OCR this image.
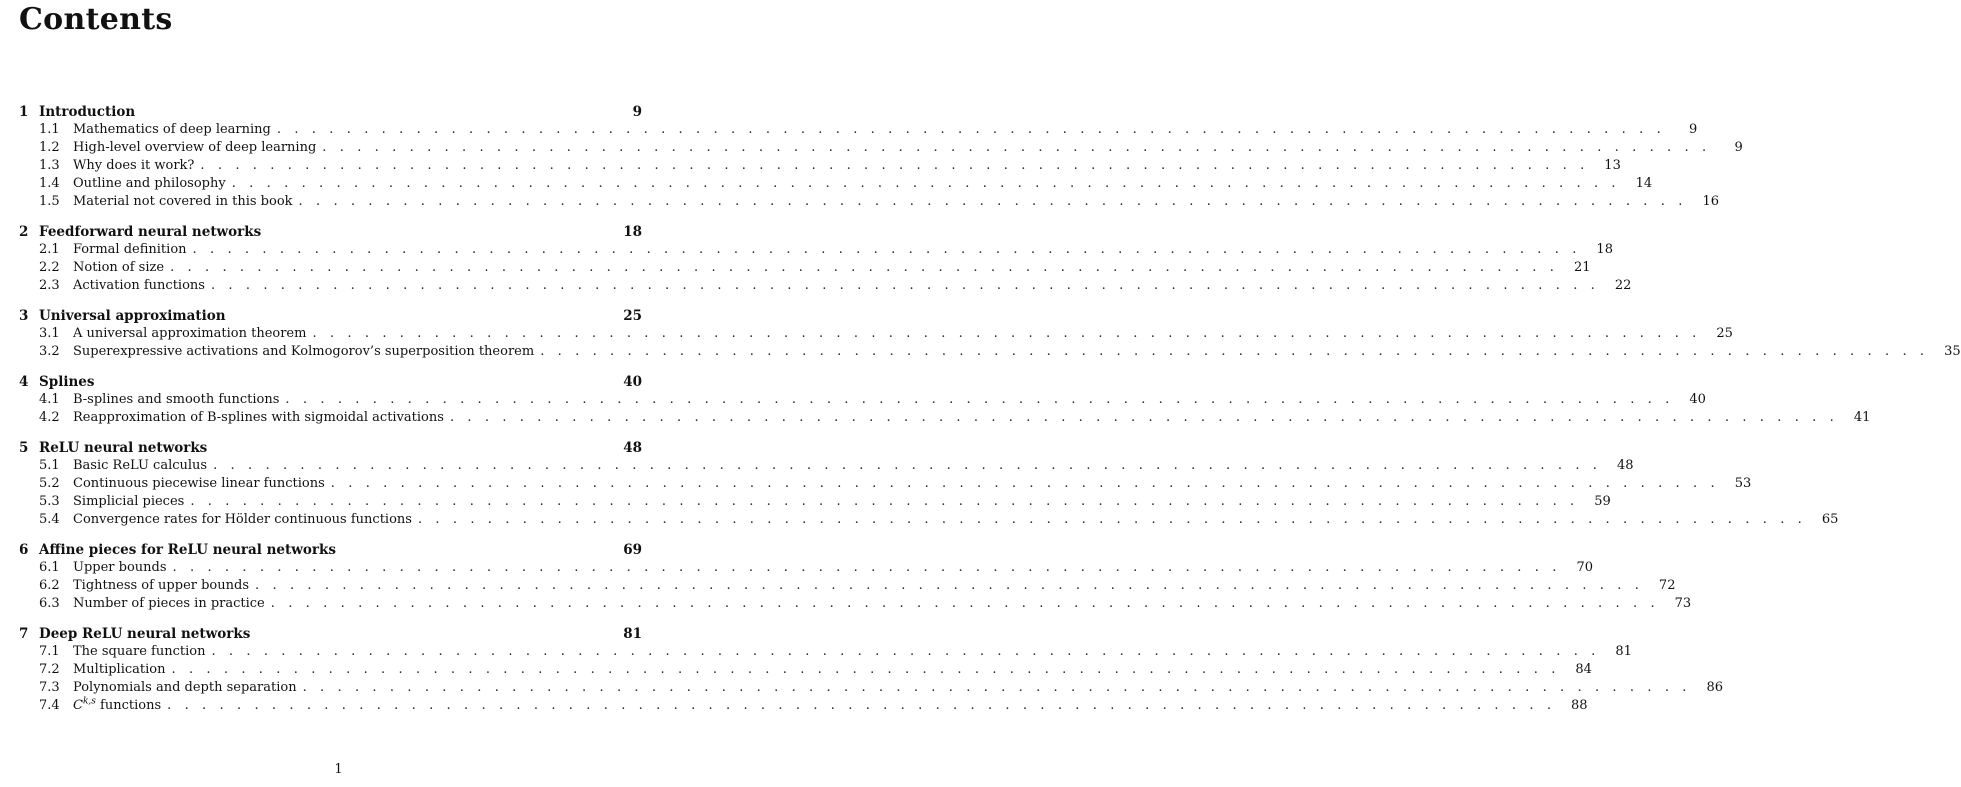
Contents
1 Introduction	9
1.1	Mathematics of deep learning . . . . . . . . . . . . . . . . . . . . . . . . . . . . . . . . . . . . . . . . . . . . . . . . . . . . . . . . . . . . . . . . . . . . . . . . . . . . . . . .	9
1.2	High-level overview of deep learning . . . . . . . . . . . . . . . . . . . . . . . . . . . . . . . . . . . . . . . . . . . . . . . . . . . . . . . . . . . . . . . . . . . . . . . . . . . . . . . .	9
1.3	Why does it work? . . . . . . . . . . . . . . . . . . . . . . . . . . . . . . . . . . . . . . . . . . . . . . . . . . . . . . . . . . . . . . . . . . . . . . . . . . . . . . . .	13
1.4	Outline and philosophy . . . . . . . . . . . . . . . . . . . . . . . . . . . . . . . . . . . . . . . . . . . . . . . . . . . . . . . . . . . . . . . . . . . . . . . . . . . . . . . .	14
1.5	Material not covered in this book . . . . . . . . . . . . . . . . . . . . . . . . . . . . . . . . . . . . . . . . . . . . . . . . . . . . . . . . . . . . . . . . . . . . . . . . . . . . . . . .	16
2 Feedforward neural networks	18
2.1	Formal definition . . . . . . . . . . . . . . . . . . . . . . . . . . . . . . . . . . . . . . . . . . . . . . . . . . . . . . . . . . . . . . . . . . . . . . . . . . . . . . . .	18
2.2	Notion of size . . . . . . . . . . . . . . . . . . . . . . . . . . . . . . . . . . . . . . . . . . . . . . . . . . . . . . . . . . . . . . . . . . . . . . . . . . . . . . . .	21
2.3	Activation functions . . . . . . . . . . . . . . . . . . . . . . . . . . . . . . . . . . . . . . . . . . . . . . . . . . . . . . . . . . . . . . . . . . . . . . . . . . . . . . . .	22
3 Universal approximation	25
3.1	A universal approximation theorem . . . . . . . . . . . . . . . . . . . . . . . . . . . . . . . . . . . . . . . . . . . . . . . . . . . . . . . . . . . . . . . . . . . . . . . . . . . . . . . .	25
3.2	Superexpressive activations and Kolmogorov’s superposition theorem . . . . . . . . . . . . . . . . . . . . . . . . . . . . . . . . . . . . . . . . . . . . . . . . . . . . . . . . . . . . . . . . . . . . . . . . . . . . . . . .	35
4 Splines	40
4.1	B-splines and smooth functions . . . . . . . . . . . . . . . . . . . . . . . . . . . . . . . . . . . . . . . . . . . . . . . . . . . . . . . . . . . . . . . . . . . . . . . . . . . . . . . .	40
4.2	Reapproximation of B-splines with sigmoidal activations . . . . . . . . . . . . . . . . . . . . . . . . . . . . . . . . . . . . . . . . . . . . . . . . . . . . . . . . . . . . . . . . . . . . . . . . . . . . . . . .	41
5 ReLU neural networks	48
5.1	Basic ReLU calculus . . . . . . . . . . . . . . . . . . . . . . . . . . . . . . . . . . . . . . . . . . . . . . . . . . . . . . . . . . . . . . . . . . . . . . . . . . . . . . . .	48
5.2	Continuous piecewise linear functions . . . . . . . . . . . . . . . . . . . . . . . . . . . . . . . . . . . . . . . . . . . . . . . . . . . . . . . . . . . . . . . . . . . . . . . . . . . . . . . .	53
5.3	Simplicial pieces . . . . . . . . . . . . . . . . . . . . . . . . . . . . . . . . . . . . . . . . . . . . . . . . . . . . . . . . . . . . . . . . . . . . . . . . . . . . . . . .	59
5.4	Convergence rates for Hölder continuous functions . . . . . . . . . . . . . . . . . . . . . . . . . . . . . . . . . . . . . . . . . . . . . . . . . . . . . . . . . . . . . . . . . . . . . . . . . . . . . . . .	65
6 Affine pieces for ReLU neural networks	69
6.1	Upper bounds . . . . . . . . . . . . . . . . . . . . . . . . . . . . . . . . . . . . . . . . . . . . . . . . . . . . . . . . . . . . . . . . . . . . . . . . . . . . . . . .	70
6.2	Tightness of upper bounds . . . . . . . . . . . . . . . . . . . . . . . . . . . . . . . . . . . . . . . . . . . . . . . . . . . . . . . . . . . . . . . . . . . . . . . . . . . . . . . .	72
6.3	Number of pieces in practice . . . . . . . . . . . . . . . . . . . . . . . . . . . . . . . . . . . . . . . . . . . . . . . . . . . . . . . . . . . . . . . . . . . . . . . . . . . . . . . .	73
7 Deep ReLU neural networks	81
7.1	The square function . . . . . . . . . . . . . . . . . . . . . . . . . . . . . . . . . . . . . . . . . . . . . . . . . . . . . . . . . . . . . . . . . . . . . . . . . . . . . . . .	81
7.2	Multiplication . . . . . . . . . . . . . . . . . . . . . . . . . . . . . . . . . . . . . . . . . . . . . . . . . . . . . . . . . . . . . . . . . . . . . . . . . . . . . . . .	84
7.3	Polynomials and depth separation . . . . . . . . . . . . . . . . . . . . . . . . . . . . . . . . . . . . . . . . . . . . . . . . . . . . . . . . . . . . . . . . . . . . . . . . . . . . . . . .	86
7.4	C$^{k,s}$ functions . . . . . . . . . . . . . . . . . . . . . . . . . . . . . . . . . . . . . . . . . . . . . . . . . . . . . . . . . . . . . . . . . . . . . . . . . . . . . . . .	88
1
